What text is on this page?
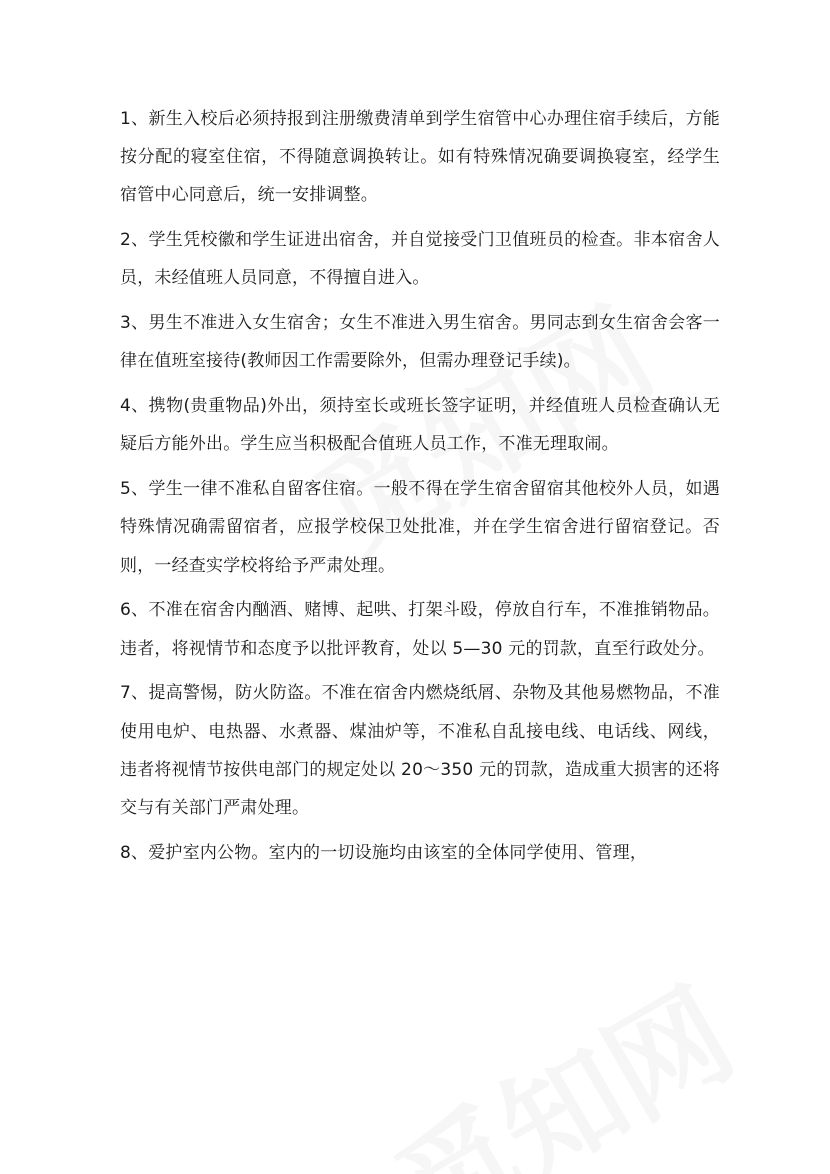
1、新生入校后必须持报到注册缴费清单到学生宿管中心办理住宿手续后，方能按分配的寝室住宿，不得随意调换转让。如有特殊情况确要调换寝室，经学生宿管中心同意后，统一安排调整。

2、学生凭校徽和学生证进出宿舍，并自觉接受门卫值班员的检查。非本宿舍人员，未经值班人员同意，不得擅自进入。

3、男生不准进入女生宿舍；女生不准进入男生宿舍。男同志到女生宿舍会客一律在值班室接待(教师因工作需要除外，但需办理登记手续)。

4、携物(贵重物品)外出，须持室长或班长签字证明，并经值班人员检查确认无疑后方能外出。学生应当积极配合值班人员工作，不准无理取闹。

5、学生一律不准私自留客住宿。一般不得在学生宿舍留宿其他校外人员，如遇特殊情况确需留宿者，应报学校保卫处批准，并在学生宿舍进行留宿登记。否则，一经查实学校将给予严肃处理。

6、不准在宿舍内酗酒、赌博、起哄、打架斗殴，停放自行车，不准推销物品。违者，将视情节和态度予以批评教育，处以 5—30 元的罚款，直至行政处分。

7、提高警惕，防火防盗。不准在宿舍内燃烧纸屑、杂物及其他易燃物品，不准使用电炉、电热器、水煮器、煤油炉等，不准私自乱接电线、电话线、网线，违者将视情节按供电部门的规定处以 20～350 元的罚款，造成重大损害的还将交与有关部门严肃处理。

8、爱护室内公物。室内的一切设施均由该室的全体同学使用、管理，
